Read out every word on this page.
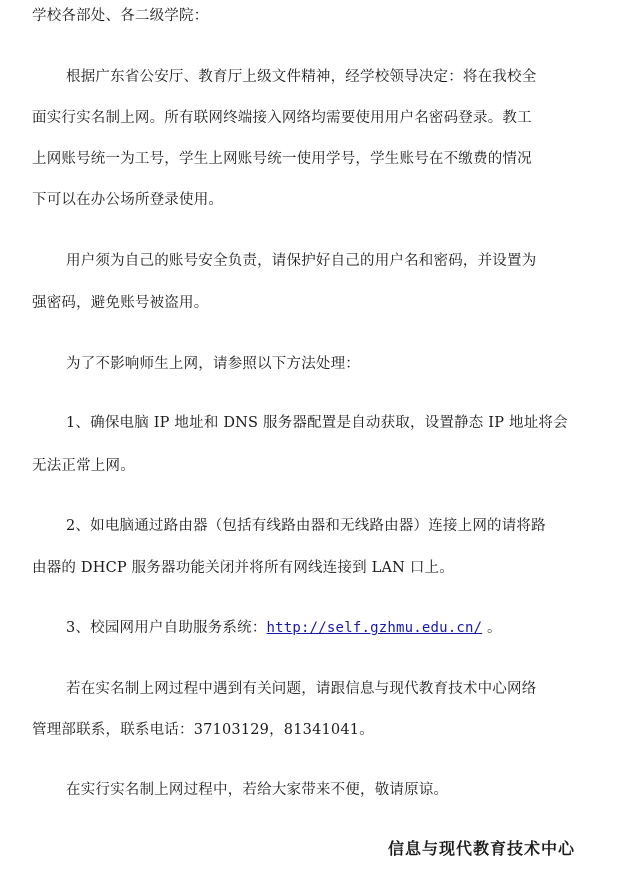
学校各部处、各二级学院：
根据广东省公安厅、教育厅上级文件精神，经学校领导决定：将在我校全
面实行实名制上网。所有联网终端接入网络均需要使用用户名密码登录。教工
上网账号统一为工号，学生上网账号统一使用学号，学生账号在不缴费的情况
下可以在办公场所登录使用。
用户须为自己的账号安全负责，请保护好自己的用户名和密码，并设置为
强密码，避免账号被盗用。
为了不影响师生上网，请参照以下方法处理：
1、确保电脑 IP 地址和 DNS 服务器配置是自动获取，设置静态 IP 地址将会
无法正常上网。
2、如电脑通过路由器（包括有线路由器和无线路由器）连接上网的请将路
由器的 DHCP 服务器功能关闭并将所有网线连接到 LAN 口上。
3、校园网用户自助服务系统：http://self.gzhmu.edu.cn/ 。
若在实名制上网过程中遇到有关问题，请跟信息与现代教育技术中心网络
管理部联系，联系电话：37103129，81341041。
在实行实名制上网过程中，若给大家带来不便，敬请原谅。
信息与现代教育技术中心
